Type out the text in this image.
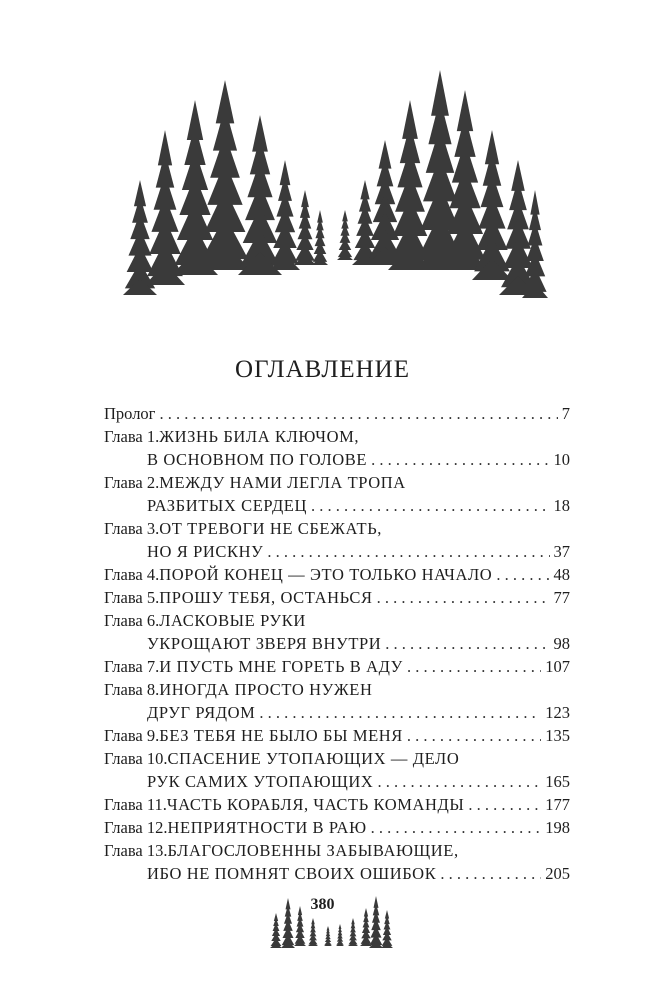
ОГЛАВЛЕНИЕ
Пролог . . .	7
Глава 1. ЖИЗНЬ БИЛА КЛЮЧОМ,
В ОСНОВНОМ ПО ГОЛОВЕ . . .	10
Глава 2. МЕЖДУ НАМИ ЛЕГЛА ТРОПА
РАЗБИТЫХ СЕРДЕЦ . . .	18
Глава 3. ОТ ТРЕВОГИ НЕ СБЕЖАТЬ,
НО Я РИСКНУ . . .	37
Глава 4. ПОРОЙ КОНЕЦ — ЭТО ТОЛЬКО НАЧАЛО . . .	48
Глава 5. ПРОШУ ТЕБЯ, ОСТАНЬСЯ . . .	77
Глава 6. ЛАСКОВЫЕ РУКИ
УКРОЩАЮТ ЗВЕРЯ ВНУТРИ . . .	98
Глава 7. И ПУСТЬ МНЕ ГОРЕТЬ В АДУ . . .	107
Глава 8. ИНОГДА ПРОСТО НУЖЕН
ДРУГ РЯДОМ . . .	123
Глава 9. БЕЗ ТЕБЯ НЕ БЫЛО БЫ МЕНЯ . . .	135
Глава 10. СПАСЕНИЕ УТОПАЮЩИХ — ДЕЛО
РУК САМИХ УТОПАЮЩИХ . . .	165
Глава 11. ЧАСТЬ КОРАБЛЯ, ЧАСТЬ КОМАНДЫ . . .	177
Глава 12. НЕПРИЯТНОСТИ В РАЮ . . .	198
Глава 13. БЛАГОСЛОВЕННЫ ЗАБЫВАЮЩИЕ,
ИБО НЕ ПОМНЯТ СВОИХ ОШИБОК . . .	205
380
